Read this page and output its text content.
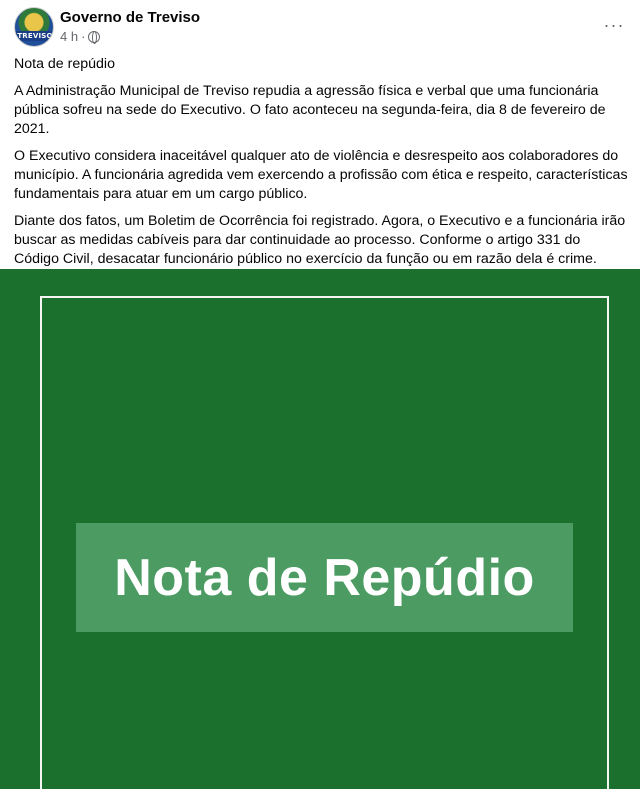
TREVISO
Governo de Treviso
4 h ·
···

Nota de repúdio

A Administração Municipal de Treviso repudia a agressão física e verbal que uma funcionária pública sofreu na sede do Executivo. O fato aconteceu na segunda-feira, dia 8 de fevereiro de 2021.

O Executivo considera inaceitável qualquer ato de violência e desrespeito aos colaboradores do município. A funcionária agredida vem exercendo a profissão com ética e respeito, características fundamentais para atuar em um cargo público.

Diante dos fatos, um Boletim de Ocorrência foi registrado. Agora, o Executivo e a funcionária irão buscar as medidas cabíveis para dar continuidade ao processo. Conforme o artigo 331 do Código Civil, desacatar funcionário público no exercício da função ou em razão dela é crime.

Nota de Repúdio
